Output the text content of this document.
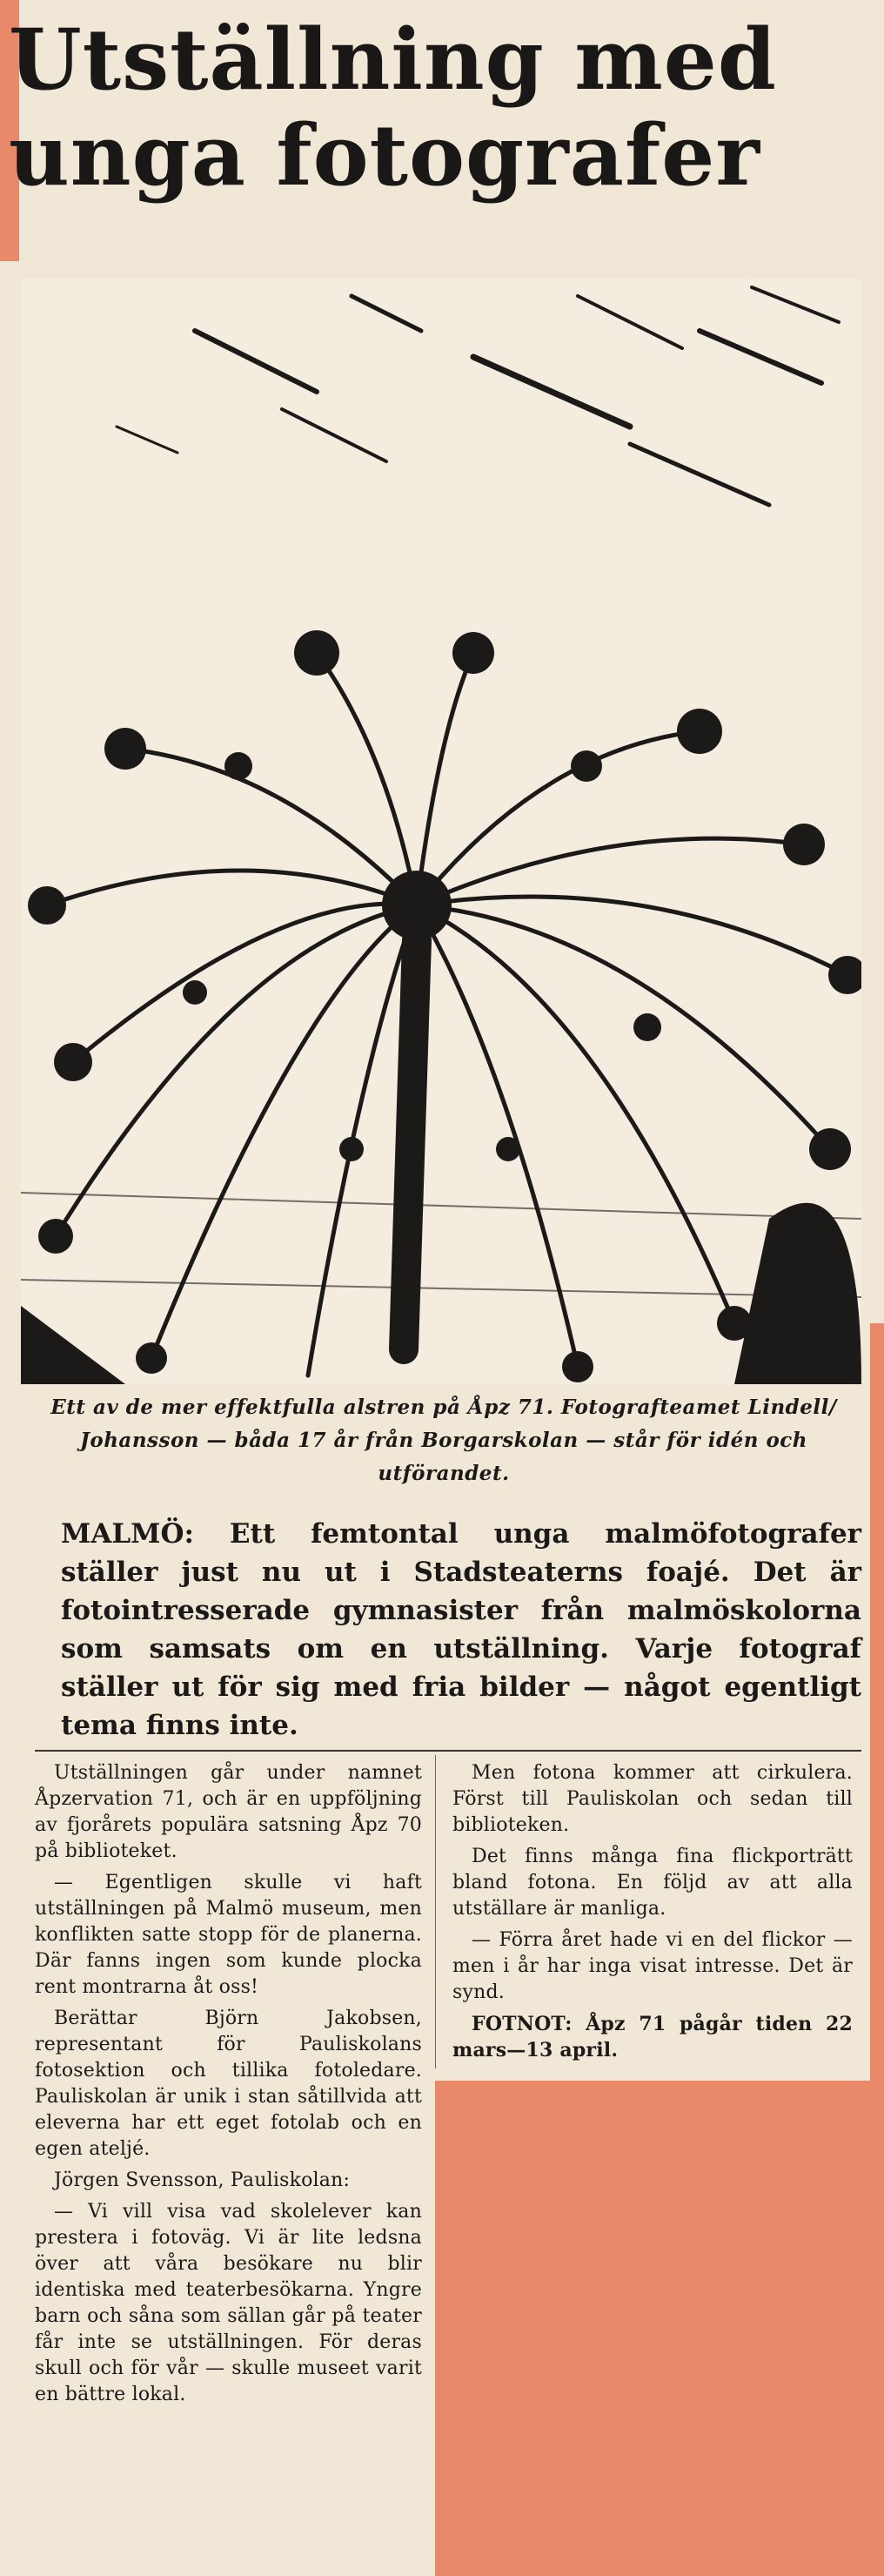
Utställning med unga fotografer
Ett av de mer effektfulla alstren på Åpz 71. Fotografteamet Lindell/ Johansson — båda 17 år från Borgarskolan — står för idén och utförandet.
MALMÖ: Ett femtontal unga malmöfotografer ställer just nu ut i Stadsteaterns foajé. Det är fotointresserade gymnasister från malmöskolorna som samsats om en utställning. Varje fotograf ställer ut för sig med fria bilder — något egentligt tema finns inte.

Utställningen går under namnet Åpzervation 71, och är en uppföljning av fjorårets populära satsning Åpz 70 på biblioteket.

— Egentligen skulle vi haft utställningen på Malmö museum, men konflikten satte stopp för de planerna. Där fanns ingen som kunde plocka rent montrarna åt oss!

Berättar Björn Jakobsen, representant för Pauliskolans fotosektion och tillika fotoledare. Pauliskolan är unik i stan såtillvida att eleverna har ett eget fotolab och en egen ateljé.

Jörgen Svensson, Pauliskolan:

— Vi vill visa vad skolelever kan prestera i fotoväg. Vi är lite ledsna över att våra besökare nu blir identiska med teaterbesökarna. Yngre barn och såna som sällan går på teater får inte se utställningen. För deras skull och för vår — skulle museet varit en bättre lokal.

Men fotona kommer att cirkulera. Först till Pauliskolan och sedan till biblioteken.

Det finns många fina flickporträtt bland fotona. En följd av att alla utställare är manliga.

— Förra året hade vi en del flickor — men i år har inga visat intresse. Det är synd.

FOTNOT: Åpz 71 pågår tiden 22 mars—13 april.
